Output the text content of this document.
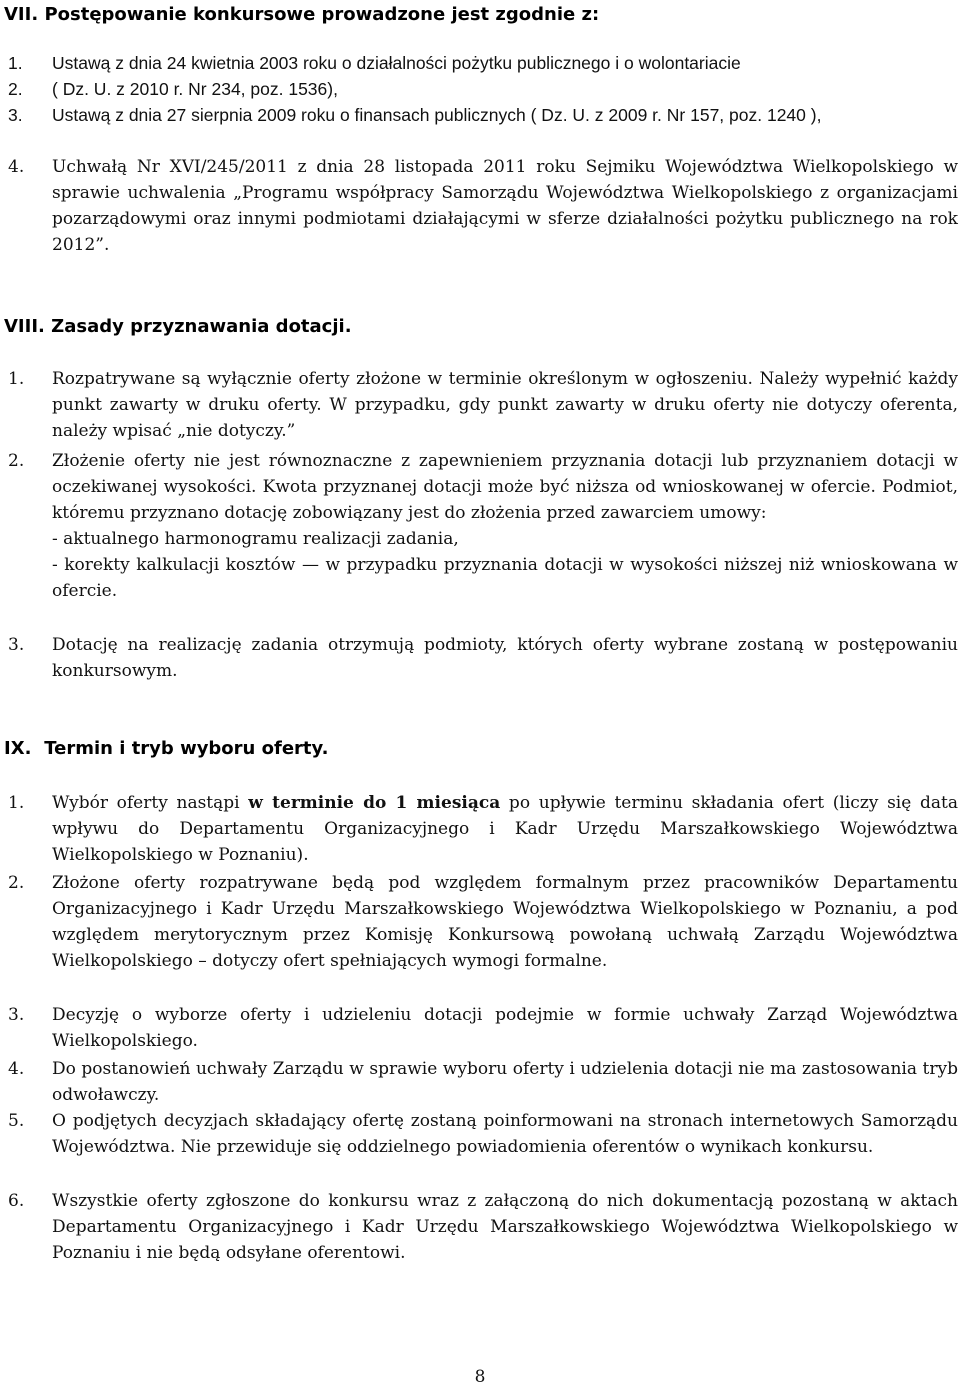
VII. Postępowanie konkursowe prowadzone jest zgodnie z:
1.	Ustawą z dnia 24 kwietnia 2003 roku o działalności pożytku publicznego i o wolontariacie
2.	( Dz. U. z 2010 r. Nr 234, poz. 1536),
3.	Ustawą z dnia 27 sierpnia 2009 roku o finansach publicznych ( Dz. U. z 2009 r. Nr 157, poz. 1240 ),
4.	Uchwałą Nr XVI/245/2011 z dnia 28 listopada 2011 roku Sejmiku Województwa Wielkopolskiego w sprawie uchwalenia „Programu współpracy Samorządu Województwa Wielkopolskiego z organizacjami pozarządowymi oraz innymi podmiotami działającymi w sferze działalności pożytku publicznego na rok 2012”.
VIII. Zasady przyznawania dotacji.
1.	Rozpatrywane są wyłącznie oferty złożone w terminie określonym w ogłoszeniu. Należy wypełnić każdy punkt zawarty w druku oferty. W przypadku, gdy punkt zawarty w druku oferty nie dotyczy oferenta, należy wpisać „nie dotyczy.”
2.	Złożenie oferty nie jest równoznaczne z zapewnieniem przyznania dotacji lub przyznaniem dotacji w oczekiwanej wysokości. Kwota przyznanej dotacji może być niższa od wnioskowanej w ofercie. Podmiot, któremu przyznano dotację zobowiązany jest do złożenia przed zawarciem umowy:
- aktualnego harmonogramu realizacji zadania,
- korekty kalkulacji kosztów — w przypadku przyznania dotacji w wysokości niższej niż wnioskowana w ofercie.
3.	Dotację na realizację zadania otrzymują podmioty, których oferty wybrane zostaną w postępowaniu konkursowym.
IX. Termin i tryb wyboru oferty.
1.	Wybór oferty nastąpi w terminie do 1 miesiąca po upływie terminu składania ofert (liczy się data wpływu do Departamentu Organizacyjnego i Kadr Urzędu Marszałkowskiego Województwa Wielkopolskiego w Poznaniu).
2.	Złożone oferty rozpatrywane będą pod względem formalnym przez pracowników Departamentu Organizacyjnego i Kadr Urzędu Marszałkowskiego Województwa Wielkopolskiego w Poznaniu, a pod względem merytorycznym przez Komisję Konkursową powołaną uchwałą Zarządu Województwa Wielkopolskiego – dotyczy ofert spełniających wymogi formalne.
3.	Decyzję o wyborze oferty i udzieleniu dotacji podejmie w formie uchwały Zarząd Województwa Wielkopolskiego.
4.	Do postanowień uchwały Zarządu w sprawie wyboru oferty i udzielenia dotacji nie ma zastosowania tryb odwoławczy.
5.	O podjętych decyzjach składający ofertę zostaną poinformowani na stronach internetowych Samorządu Województwa. Nie przewiduje się oddzielnego powiadomienia oferentów o wynikach konkursu.
6.	Wszystkie oferty zgłoszone do konkursu wraz z załączoną do nich dokumentacją pozostaną w aktach Departamentu Organizacyjnego i Kadr Urzędu Marszałkowskiego Województwa Wielkopolskiego w Poznaniu i nie będą odsyłane oferentowi.
8
